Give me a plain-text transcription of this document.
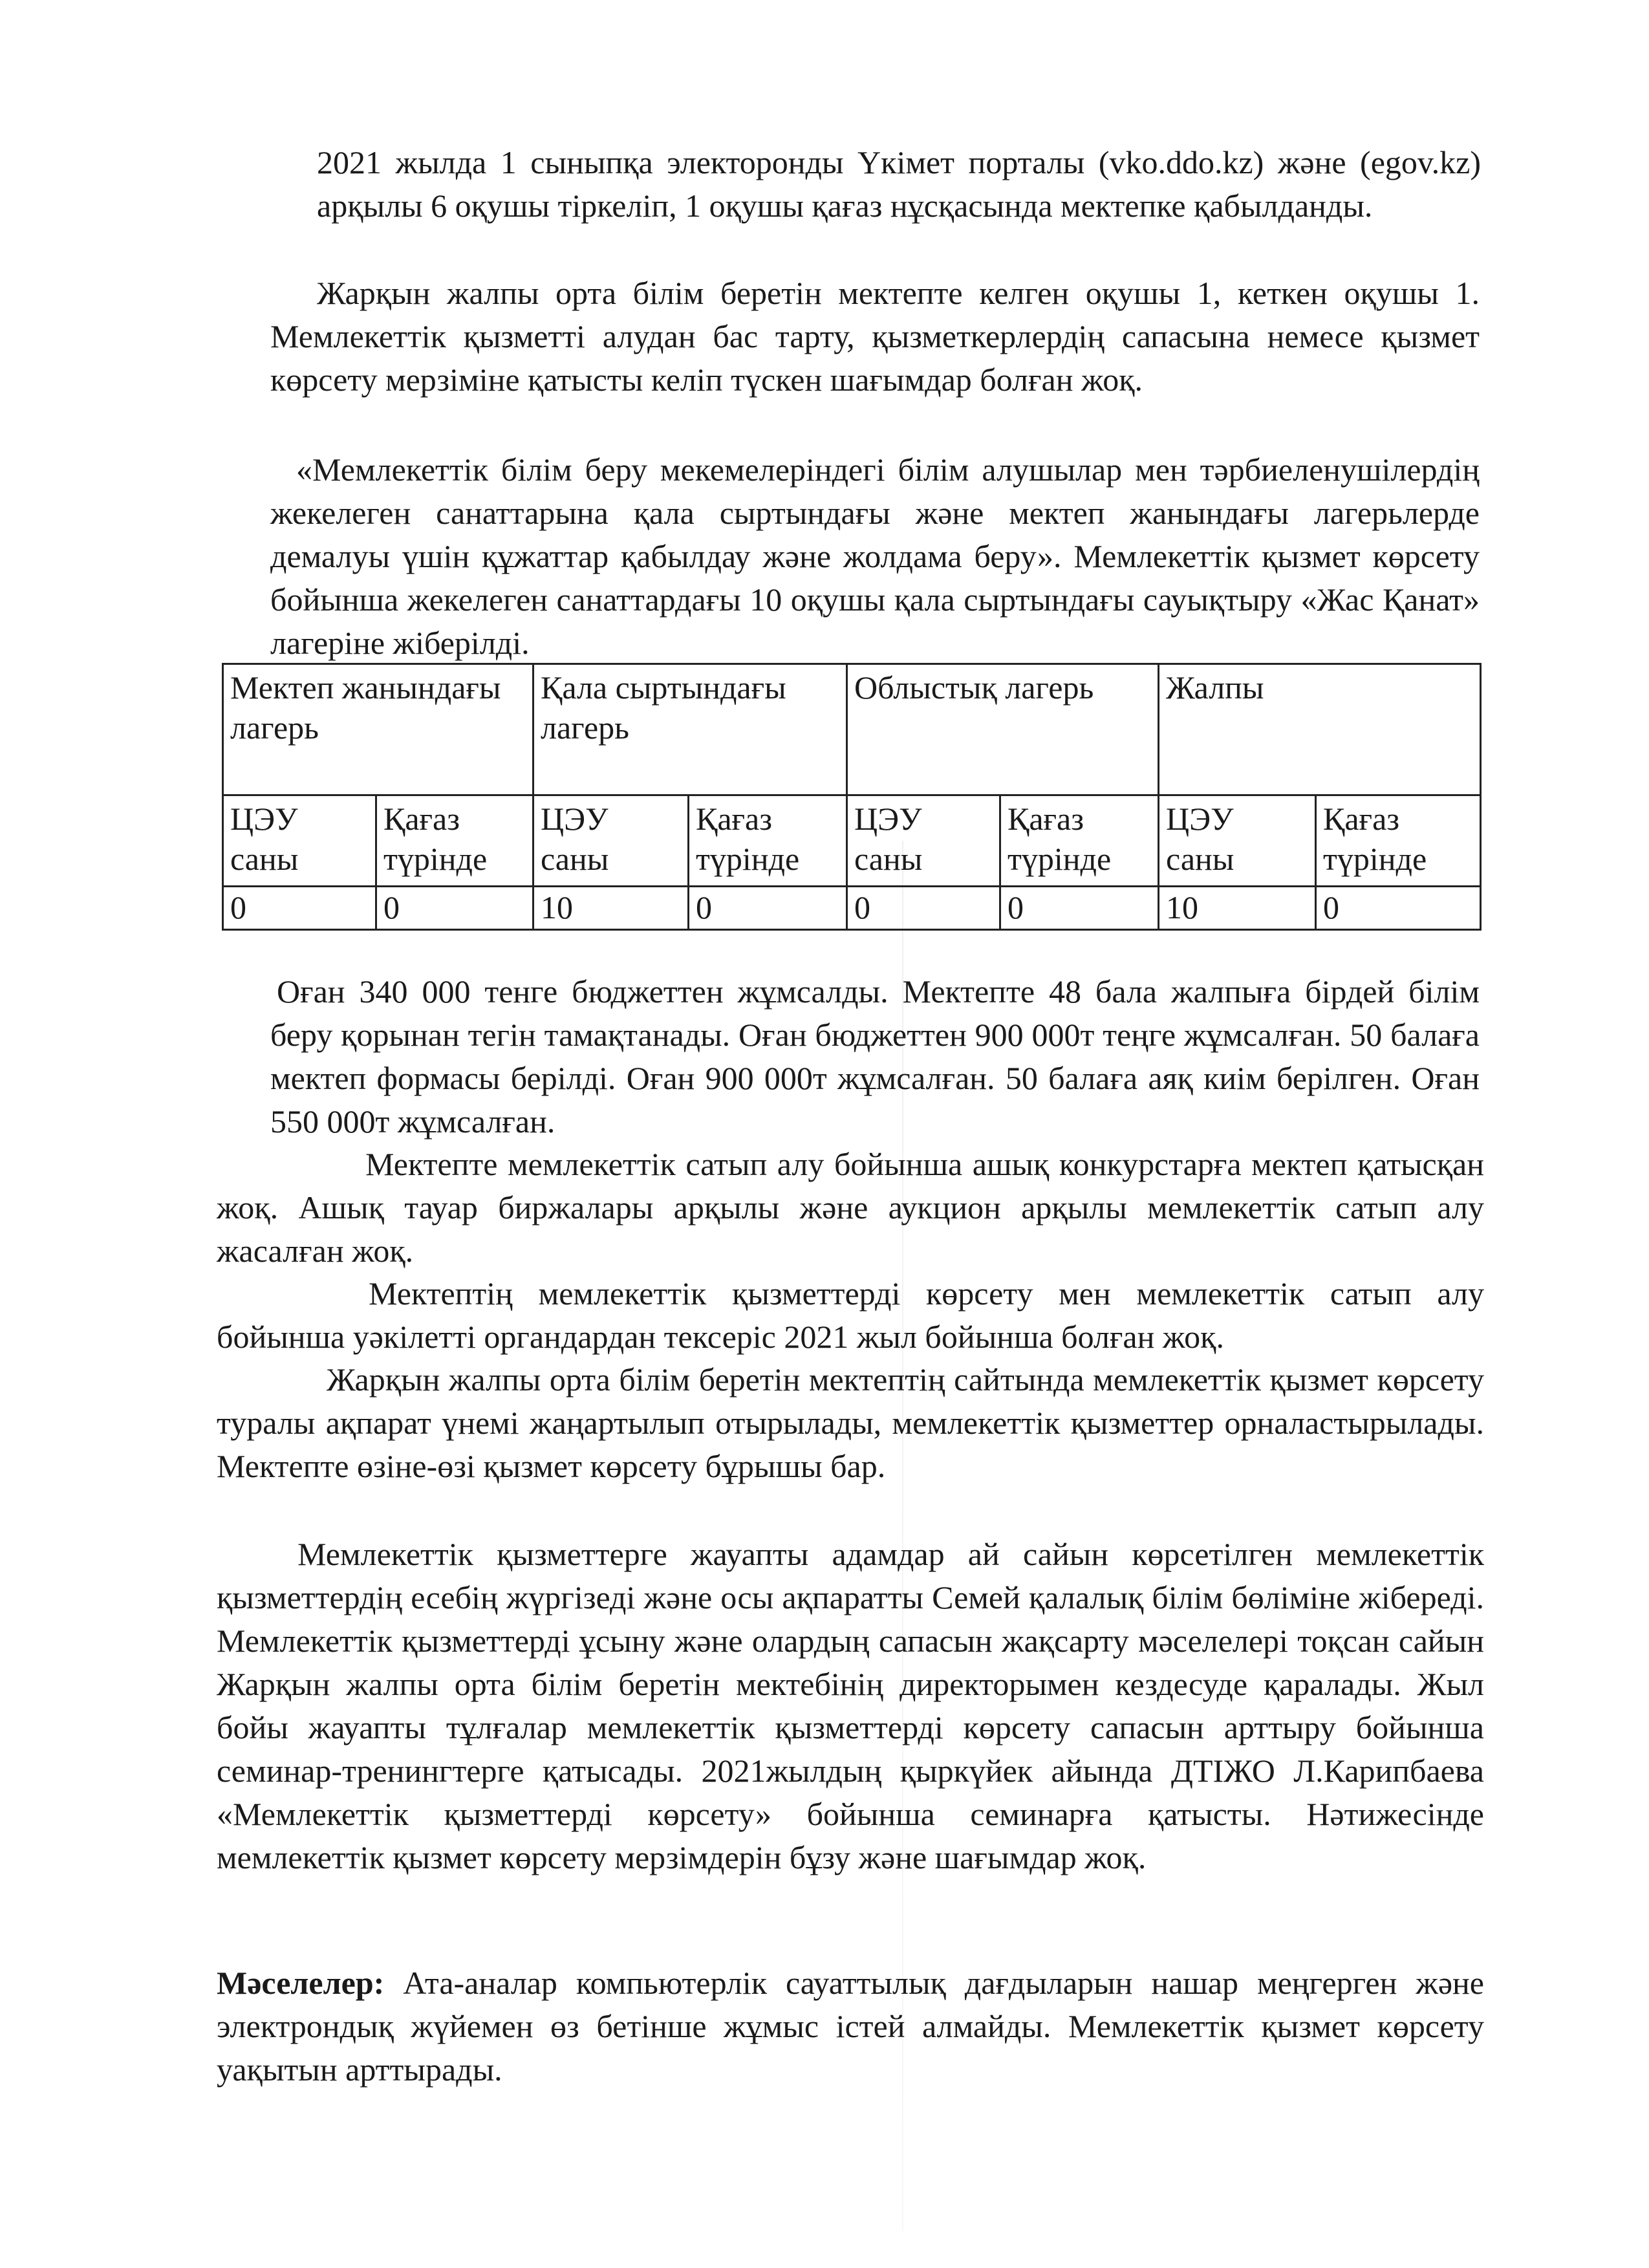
2021 жылда 1 сыныпқа электоронды Үкімет порталы (vko.ddo.kz) және (egov.kz) арқылы 6 оқушы тіркеліп, 1 оқушы қағаз нұсқасында мектепке қабылданды.

Жарқын жалпы орта білім беретін мектепте келген оқушы 1, кеткен оқушы 1. Мемлекеттік қызметті алудан бас тарту, қызметкерлердің сапасына немесе қызмет көрсету мерзіміне қатысты келіп түскен шағымдар болған жоқ.

«Мемлекеттік білім беру мекемелеріндегі білім алушылар мен тәрбиеленушілердің жекелеген санаттарына қала сыртындағы және мектеп жанындағы лагерьлерде демалуы үшін құжаттар қабылдау және жолдама беру». Мемлекеттік қызмет көрсету бойынша жекелеген санаттардағы 10 оқушы қала сыртындағы сауықтыру «Жас Қанат» лагеріне жіберілді.

Мектеп жанындағы лагерь		Қала сыртындағы лагерь		Облыстық лагерь		Жалпы	
ЦЭУ саны	Қағаз түрінде	ЦЭУ саны	Қағаз түрінде	ЦЭУ саны	Қағаз түрінде	ЦЭУ саны	Қағаз түрінде
0	0	10	0	0	0	10	0

Оған 340 000 тенге бюджеттен жұмсалды. Мектепте 48 бала жалпыға бірдей білім беру қорынан тегін тамақтанады. Оған бюджеттен 900 000т теңге жұмсалған. 50 балаға мектеп формасы берілді. Оған 900 000т жұмсалған. 50 балаға аяқ киім берілген. Оған 550 000т жұмсалған.

Мектепте мемлекеттік сатып алу бойынша ашық конкурстарға мектеп қатысқан жоқ. Ашық тауар биржалары арқылы және аукцион арқылы мемлекеттік сатып алу жасалған жоқ.

Мектептің мемлекеттік қызметтерді көрсету мен мемлекеттік сатып алу бойынша уәкілетті органдардан тексеріс 2021 жыл бойынша болған жоқ.

Жарқын жалпы орта білім беретін мектептің сайтында мемлекеттік қызмет көрсету туралы ақпарат үнемі жаңартылып отырылады, мемлекеттік қызметтер орналастырылады. Мектепте өзіне-өзі қызмет көрсету бұрышы бар.

Мемлекеттік қызметтерге жауапты адамдар ай сайын көрсетілген мемлекеттік қызметтердің есебің жүргізеді және осы ақпаратты Семей қалалық білім бөліміне жібереді. Мемлекеттік қызметтерді ұсыну және олардың сапасын жақсарту мәселелері тоқсан сайын Жарқын жалпы орта білім беретін мектебінің директорымен кездесуде қаралады. Жыл бойы жауапты тұлғалар мемлекеттік қызметтерді көрсету сапасын арттыру бойынша семинар-тренингтерге қатысады. 2021жылдың қыркүйек айында ДТІЖО Л.Карипбаева «Мемлекеттік қызметтерді көрсету» бойынша семинарға қатысты. Нәтижесінде мемлекеттік қызмет көрсету мерзімдерін бұзу және шағымдар жоқ.

Мәселелер: Ата-аналар компьютерлік сауаттылық дағдыларын нашар меңгерген және электрондық жүйемен өз бетінше жұмыс істей алмайды. Мемлекеттік қызмет көрсету уақытын арттырады.
